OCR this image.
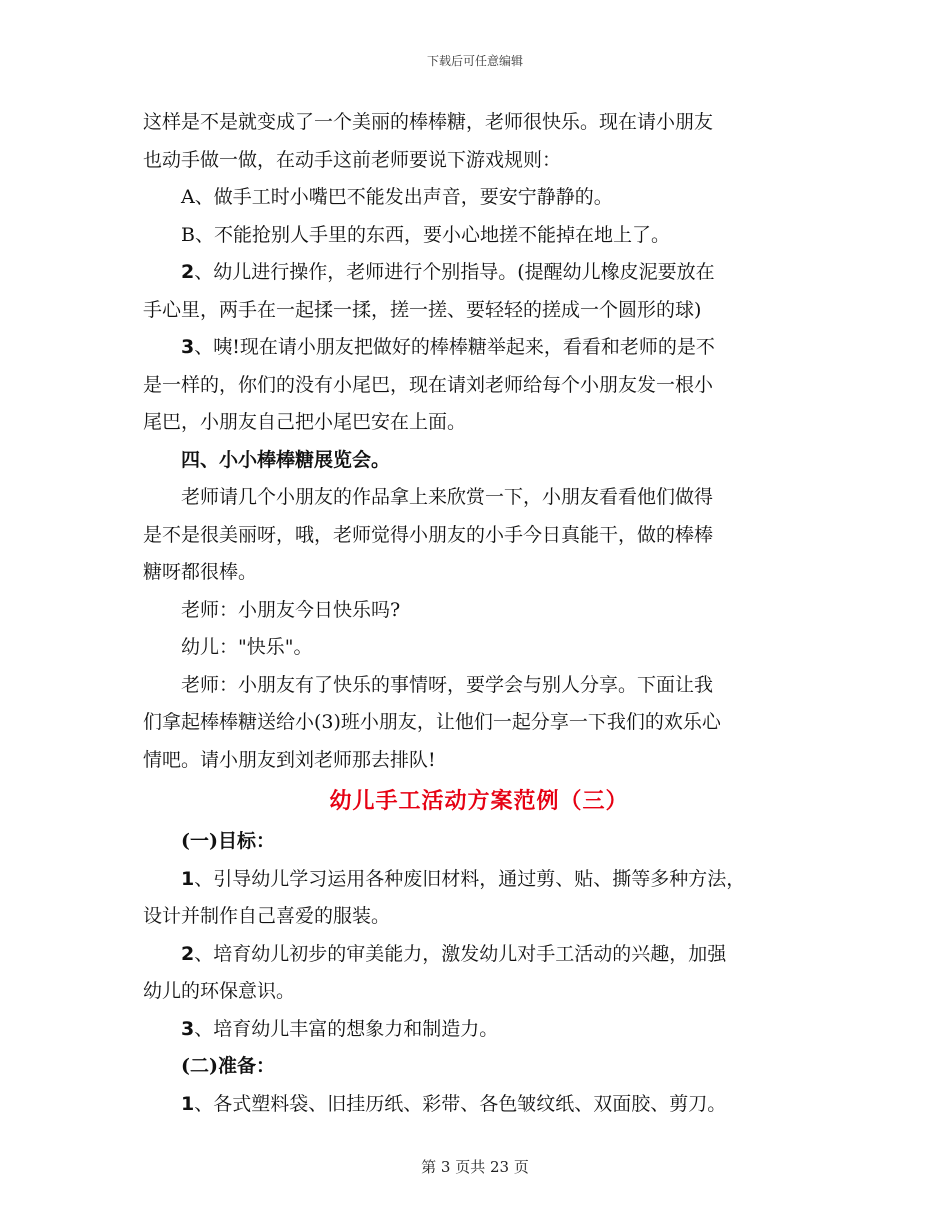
下载后可任意编辑

这样是不是就变成了一个美丽的棒棒糖，老师很快乐。现在请小朋友

也动手做一做，在动手这前老师要说下游戏规则：

A、做手工时小嘴巴不能发出声音，要安宁静静的。

B、不能抢别人手里的东西，要小心地搓不能掉在地上了。

2、幼儿进行操作，老师进行个别指导。(提醒幼儿橡皮泥要放在

手心里，两手在一起揉一揉，搓一搓、要轻轻的搓成一个圆形的球)

3、咦!现在请小朋友把做好的棒棒糖举起来，看看和老师的是不

是一样的，你们的没有小尾巴，现在请刘老师给每个小朋友发一根小

尾巴，小朋友自己把小尾巴安在上面。

四、小小棒棒糖展览会。

老师请几个小朋友的作品拿上来欣赏一下，小朋友看看他们做得

是不是很美丽呀，哦，老师觉得小朋友的小手今日真能干，做的棒棒

糖呀都很棒。

老师：小朋友今日快乐吗?

幼儿："快乐"。

老师：小朋友有了快乐的事情呀，要学会与别人分享。下面让我

们拿起棒棒糖送给小(3)班小朋友，让他们一起分享一下我们的欢乐心

情吧。请小朋友到刘老师那去排队!

幼儿手工活动方案范例（三）

(一)目标：

1、引导幼儿学习运用各种废旧材料，通过剪、贴、撕等多种方法，

设计并制作自己喜爱的服装。

2、培育幼儿初步的审美能力，激发幼儿对手工活动的兴趣，加强

幼儿的环保意识。

3、培育幼儿丰富的想象力和制造力。

(二)准备：

1、各式塑料袋、旧挂历纸、彩带、各色皱纹纸、双面胶、剪刀。

第 3 页共 23 页
